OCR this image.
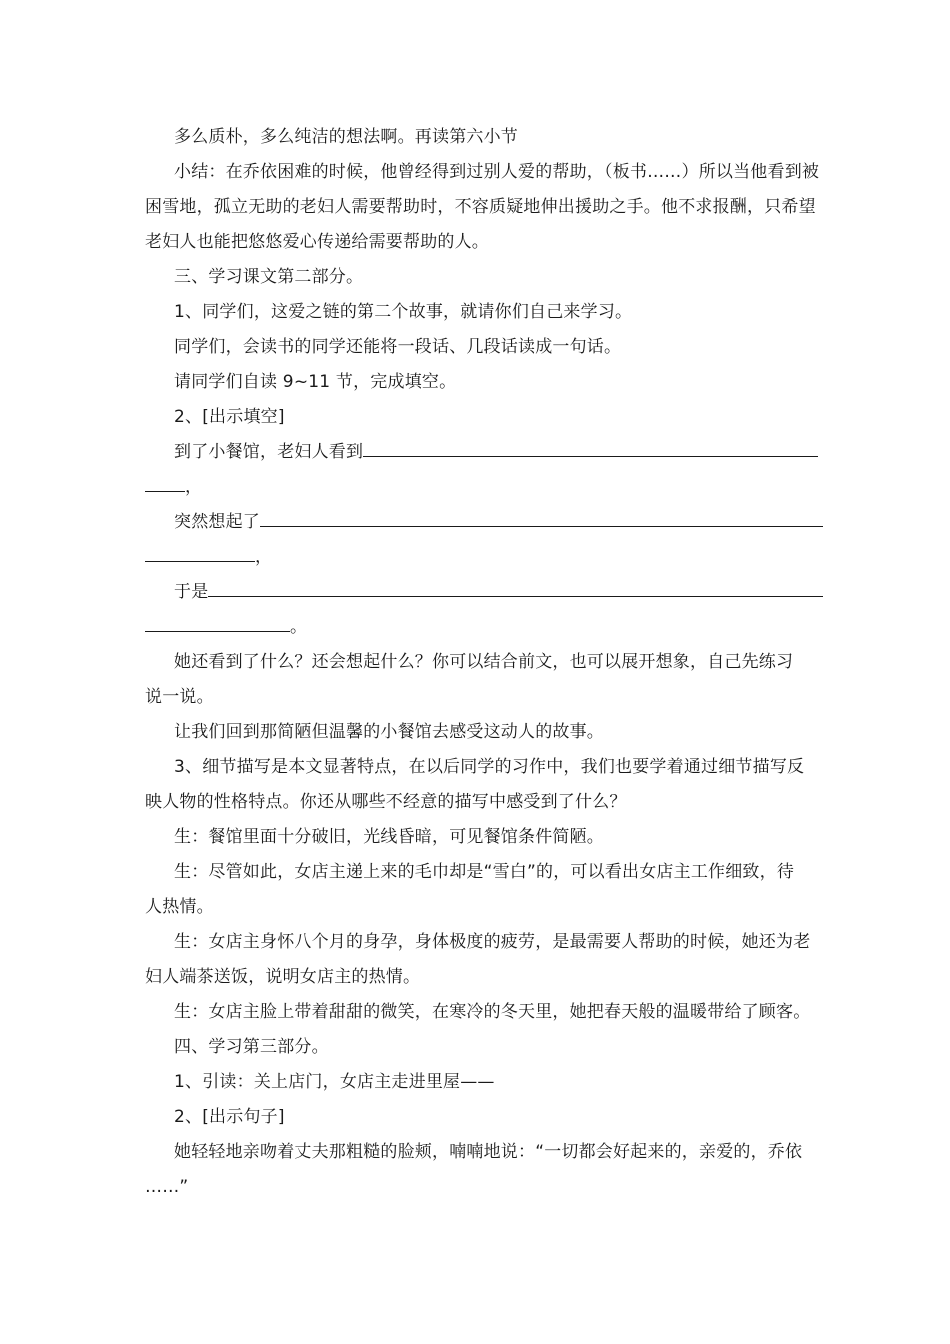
多么质朴，多么纯洁的想法啊。再读第六小节
小结：在乔依困难的时候，他曾经得到过别人爱的帮助，（板书……）所以当他看到被
困雪地，孤立无助的老妇人需要帮助时，不容质疑地伸出援助之手。他不求报酬，只希望
老妇人也能把悠悠爱心传递给需要帮助的人。
三、学习课文第二部分。
1、同学们，这爱之链的第二个故事，就请你们自己来学习。
同学们，会读书的同学还能将一段话、几段话读成一句话。
请同学们自读 9~11 节，完成填空。
2、[出示填空]
到了小餐馆，老妇人看到
，
突然想起了
，
于是
。
她还看到了什么？还会想起什么？你可以结合前文，也可以展开想象，自己先练习
说一说。
让我们回到那简陋但温馨的小餐馆去感受这动人的故事。
3、细节描写是本文显著特点，在以后同学的习作中，我们也要学着通过细节描写反
映人物的性格特点。你还从哪些不经意的描写中感受到了什么？
生：餐馆里面十分破旧，光线昏暗，可见餐馆条件简陋。
生：尽管如此，女店主递上来的毛巾却是“雪白”的，可以看出女店主工作细致，待
人热情。
生：女店主身怀八个月的身孕，身体极度的疲劳，是最需要人帮助的时候，她还为老
妇人端茶送饭，说明女店主的热情。
生：女店主脸上带着甜甜的微笑，在寒冷的冬天里，她把春天般的温暖带给了顾客。
四、学习第三部分。
1、引读：关上店门，女店主走进里屋——
2、[出示句子]
她轻轻地亲吻着丈夫那粗糙的脸颊，喃喃地说：“一切都会好起来的，亲爱的，乔依
……”
